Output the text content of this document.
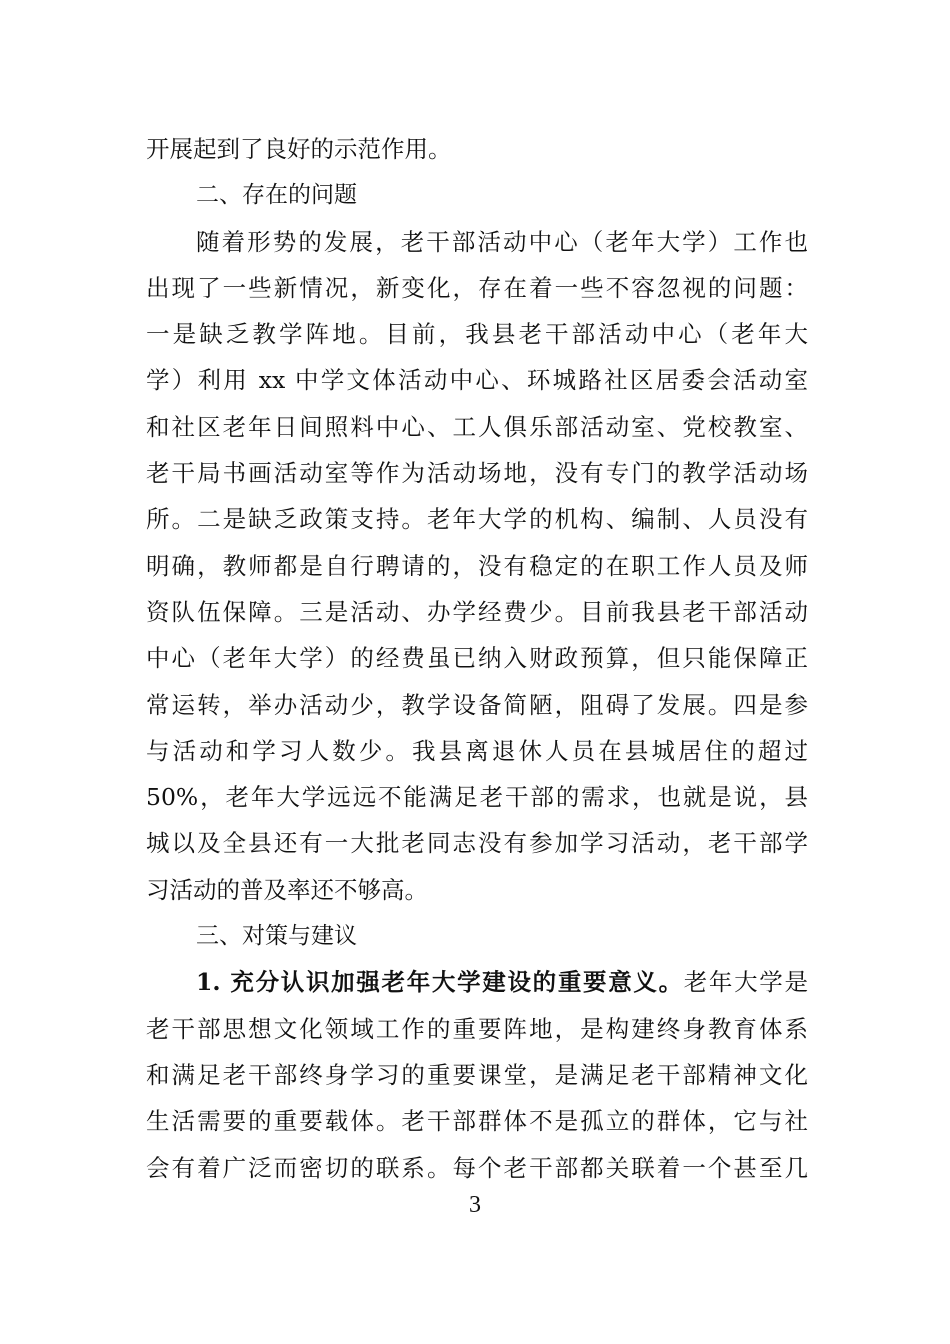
开展起到了良好的示范作用。
二、存在的问题
随着形势的发展，老干部活动中心（老年大学）工作也
出现了一些新情况，新变化，存在着一些不容忽视的问题：
一是缺乏教学阵地。目前，我县老干部活动中心（老年大
学）利用 xx 中学文体活动中心、环城路社区居委会活动室
和社区老年日间照料中心、工人俱乐部活动室、党校教室、
老干局书画活动室等作为活动场地，没有专门的教学活动场
所。二是缺乏政策支持。老年大学的机构、编制、人员没有
明确，教师都是自行聘请的，没有稳定的在职工作人员及师
资队伍保障。三是活动、办学经费少。目前我县老干部活动
中心（老年大学）的经费虽已纳入财政预算，但只能保障正
常运转，举办活动少，教学设备简陋，阻碍了发展。四是参
与活动和学习人数少。我县离退休人员在县城居住的超过
50%，老年大学远远不能满足老干部的需求，也就是说，县
城以及全县还有一大批老同志没有参加学习活动，老干部学
习活动的普及率还不够高。
三、对策与建议
1. 充分认识加强老年大学建设的重要意义。老年大学是
老干部思想文化领域工作的重要阵地，是构建终身教育体系
和满足老干部终身学习的重要课堂，是满足老干部精神文化
生活需要的重要载体。老干部群体不是孤立的群体，它与社
会有着广泛而密切的联系。每个老干部都关联着一个甚至几
3
